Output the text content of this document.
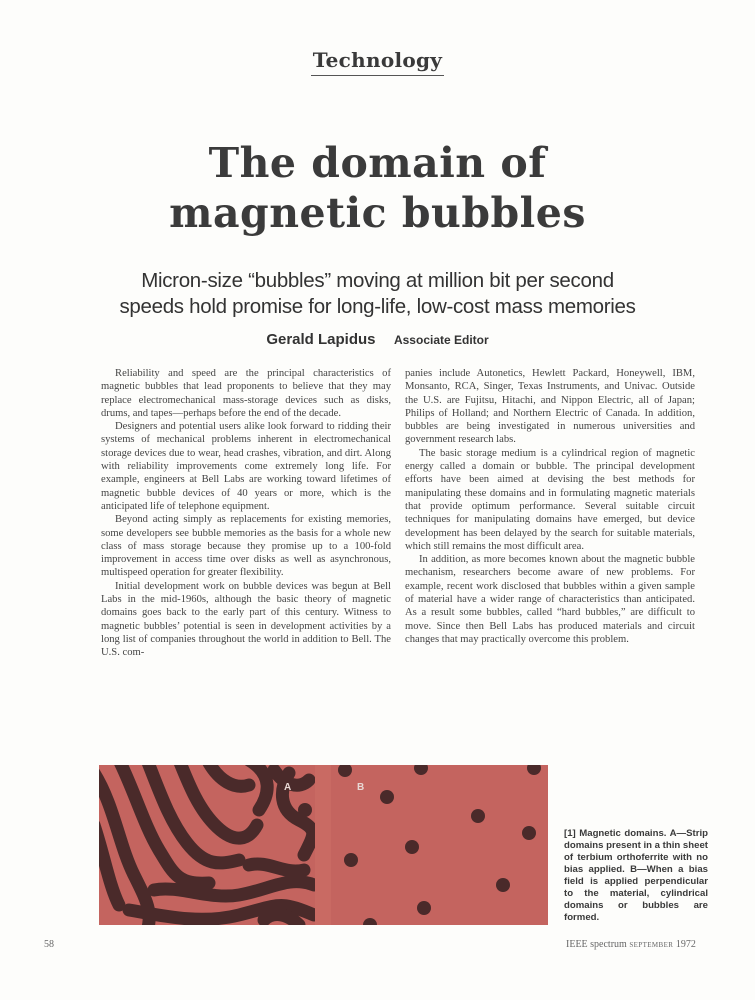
Technology
The domain of
magnetic bubbles
Micron-size “bubbles” moving at million bit per second
speeds hold promise for long-life, low-cost mass memories
Gerald Lapidus Associate Editor

Reliability and speed are the principal characteristics of magnetic bubbles that lead proponents to believe that they may replace electromechanical mass-storage devices such as disks, drums, and tapes—perhaps before the end of the decade.

Designers and potential users alike look forward to ridding their systems of mechanical problems inherent in electromechanical storage devices due to wear, head crashes, vibration, and dirt. Along with reliability improvements come extremely long life. For example, engineers at Bell Labs are working toward lifetimes of magnetic bubble devices of 40 years or more, which is the anticipated life of telephone equipment.

Beyond acting simply as replacements for existing memories, some developers see bubble memories as the basis for a whole new class of mass storage because they promise up to a 100-fold improvement in access time over disks as well as asynchronous, multispeed operation for greater flexibility.

Initial development work on bubble devices was begun at Bell Labs in the mid-1960s, although the basic theory of magnetic domains goes back to the early part of this century. Witness to magnetic bubbles’ potential is seen in development activities by a long list of companies throughout the world in addition to Bell. The U.S. com-

panies include Autonetics, Hewlett Packard, Honeywell, IBM, Monsanto, RCA, Singer, Texas Instruments, and Univac. Outside the U.S. are Fujitsu, Hitachi, and Nippon Electric, all of Japan; Philips of Holland; and Northern Electric of Canada. In addition, bubbles are being investigated in numerous universities and government research labs.

The basic storage medium is a cylindrical region of magnetic energy called a domain or bubble. The principal development efforts have been aimed at devising the best methods for manipulating these domains and in formulating magnetic materials that provide optimum performance. Several suitable circuit techniques for manipulating domains have emerged, but device development has been delayed by the search for suitable materials, which still remains the most difficult area.

In addition, as more becomes known about the magnetic bubble mechanism, researchers become aware of new problems. For example, recent work disclosed that bubbles within a given sample of material have a wider range of characteristics than anticipated. As a result some bubbles, called “hard bubbles,” are difficult to move. Since then Bell Labs has produced materials and circuit changes that may practically overcome this problem.

A	B
[1] Magnetic domains. A—Strip domains present in a thin sheet of terbium orthoferrite with no bias applied. B—When a bias field is applied perpendicular to the material, cylindrical domains or bubbles are formed.
58	IEEE spectrum SEPTEMBER 1972
